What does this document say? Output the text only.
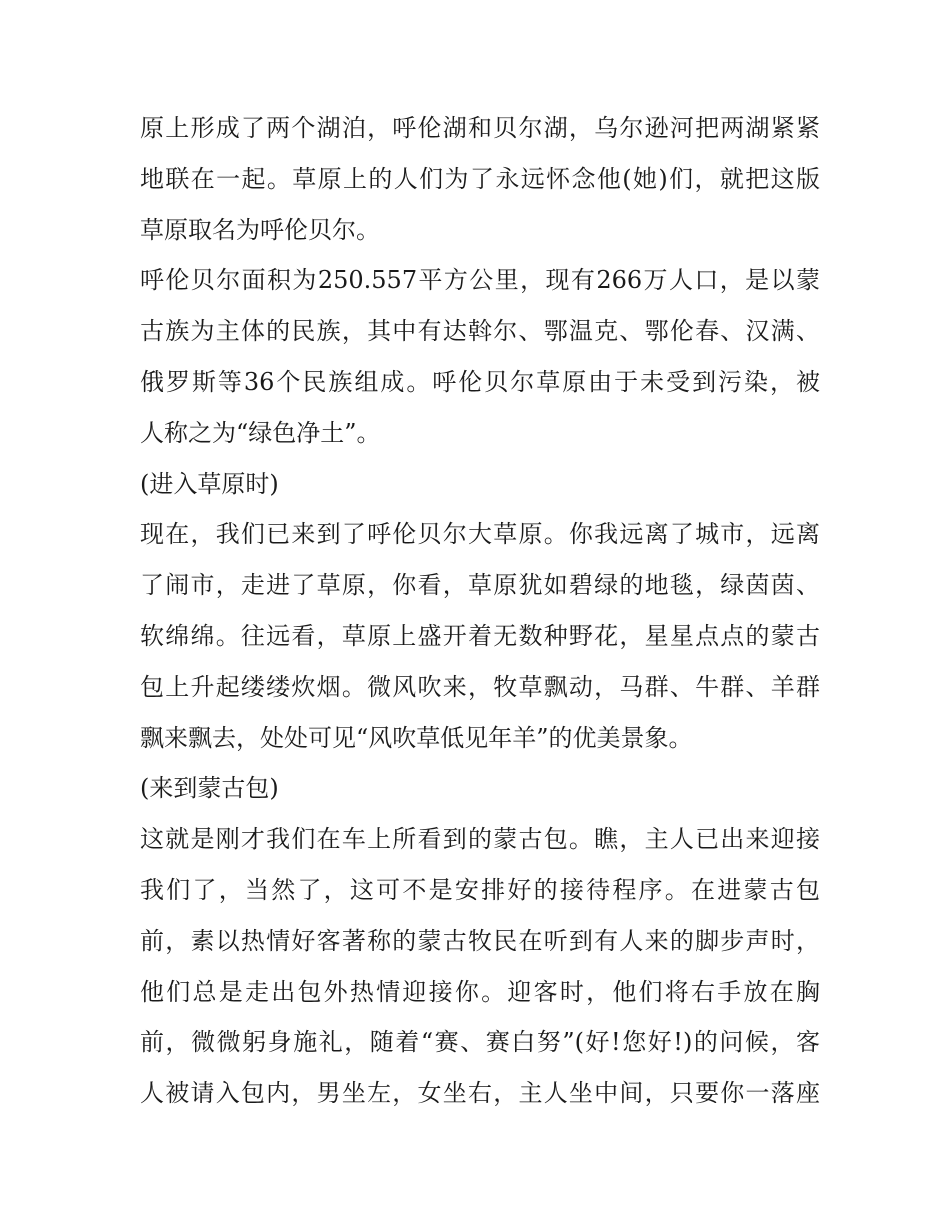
原上形成了两个湖泊，呼伦湖和贝尔湖，乌尔逊河把两湖紧紧
地联在一起。草原上的人们为了永远怀念他(她)们，就把这版
草原取名为呼伦贝尔。
呼伦贝尔面积为250.557平方公里，现有266万人口，是以蒙
古族为主体的民族，其中有达斡尔、鄂温克、鄂伦春、汉满、
俄罗斯等36个民族组成。呼伦贝尔草原由于未受到污染，被
人称之为“绿色净土”。
(进入草原时)
现在，我们已来到了呼伦贝尔大草原。你我远离了城市，远离
了闹市，走进了草原，你看，草原犹如碧绿的地毯，绿茵茵、
软绵绵。往远看，草原上盛开着无数种野花，星星点点的蒙古
包上升起缕缕炊烟。微风吹来，牧草飘动，马群、牛群、羊群
飘来飘去，处处可见“风吹草低见年羊”的优美景象。
(来到蒙古包)
这就是刚才我们在车上所看到的蒙古包。瞧，主人已出来迎接
我们了，当然了，这可不是安排好的接待程序。在进蒙古包
前，素以热情好客著称的蒙古牧民在听到有人来的脚步声时，
他们总是走出包外热情迎接你。迎客时，他们将右手放在胸
前，微微躬身施礼，随着“赛、赛白努”(好!您好!)的问候，客
人被请入包内，男坐左，女坐右，主人坐中间，只要你一落座
